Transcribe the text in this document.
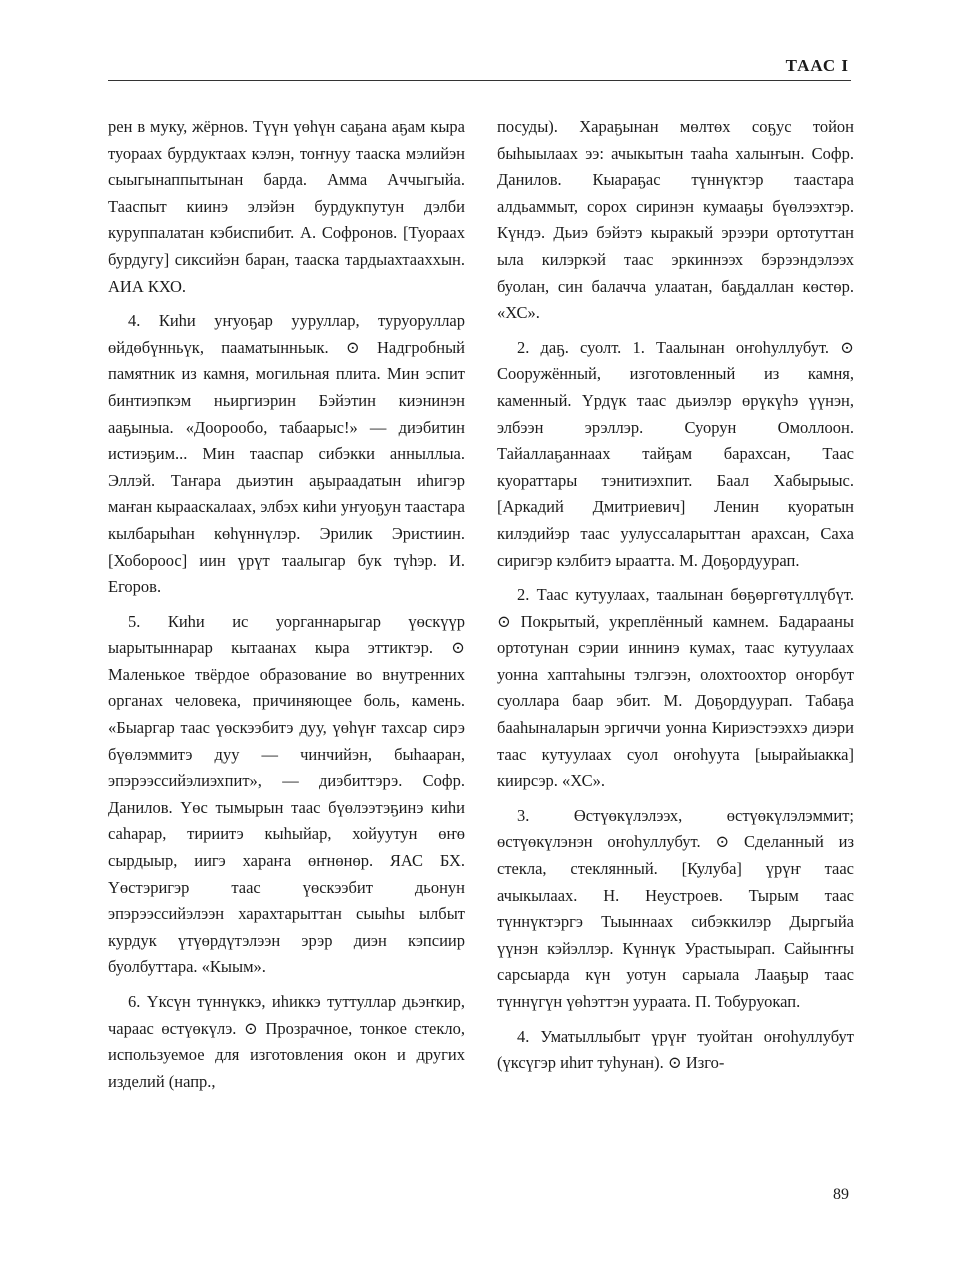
ТААС I

рен в муку, жёрнов. Түүн үөһүн саҕана аҕам кыра туораах бурдуктаах кэлэн, тоҥнуу тааска мэлийэн сыыгынаппытынан барда. Амма Аччыгыйа. Тааспыт киинэ элэйэн бурдукпутун дэлби куруппалатан кэбиспибит. А. Софронов. [Туораах бурдугу] сиксийэн баран, тааска тардыахтааххын. АИА КХО.

4. Киһи уҥуоҕар ууруллар, туруоруллар өйдөбүнньүк, пааматынньык. ⊙ Надгробный памятник из камня, могильная плита. Мин эспит бинтиэпкэм ньиргиэрин Бэйэтин киэнинэн ааҕыныа. «Доорообо, табаарыс!» — диэбитин истиэҕим... Мин тааспар сибэкки анныллыа. Эллэй. Таҥара дьиэтин аҕыраадатын иһигэр маҥан кырааскалаах, элбэх киһи уҥуоҕун таастара кылбарыһан көһүннүлэр. Эрилик Эристиин. [Хобороос] иин үрүт таалыгар бук түһэр. И. Егоров.

5. Киһи ис уорганнарыгар үөскүүр ыарытыннарар кытаанах кыра эттиктэр. ⊙ Маленькое твёрдое образование во внутренних органах человека, причиняющее боль, камень. «Быаргар таас үөскээбитэ дуу, үөһүҥ тахсар сирэ бүөлэммитэ дуу — чинчийэн, быһааран, эпэрээссийэлиэхпит», — диэбиттэрэ. Софр. Данилов. Үөс тымырын таас бүөлээтэҕинэ киһи саһарар, тириитэ кыһыйар, хойуутун өҥө сырдыыр, иигэ хараҥа өҥнөнөр. ЯАС БХ. Үөстэригэр таас үөскээбит дьонун эпэрээссийэлээн харахтарыттан сыыһы ылбыт курдук үтүөрдүтэлээн эрэр диэн кэпсиир буолбуттара. «Кыым».

6. Үксүн түннүккэ, иһиккэ туттуллар дьэҥкир, чараас өстүөкүлэ. ⊙ Прозрачное, тонкое стекло, используемое для изготовления окон и других изделий (напр.,

посуды). Хараҕынан мөлтөх соҕус тойон быһыылаах ээ: ачыкытын тааһа халыҥын. Софр. Данилов. Кыараҕас түннүктэр таастара алдьаммыт, сорох сиринэн кумааҕы бүөлээхтэр. Күндэ. Дьиэ бэйэтэ кыракый эрээри ортотуттан ыла килэркэй таас эркиннээх бэрээндэлээх буолан, син балачча улаатан, баҕдаллан көстөр. «ХС».

2. даҕ. суолт. 1. Таалынан оҥоһуллубут. ⊙ Сооружённый, изготовленный из камня, каменный. Үрдүк таас дьиэлэр өрүкүһэ үүнэн, элбээн эрэллэр. Суорун Омоллоон. Тайаллаҕаннаах тайҕам барахсан, Таас куораттары тэнитиэхпит. Баал Хабырыыс. [Аркадий Дмитриевич] Ленин куоратын килэдийэр таас уулуссаларыттан арахсан, Саха сиригэр кэлбитэ ыраатта. М. Доҕордуурап.

2. Таас кутуулаах, таалынан бөҕөргөтүллүбүт. ⊙ Покрытый, укреплённый камнем. Бадарааны ортотунан сэрии иннинэ кумах, таас кутуулаах уонна хаптаһыны тэлгээн, олохтоохтор оҥорбут суоллара баар эбит. М. Доҕордуурап. Табаҕа бааһыналарын эргиччи уонна Кириэстээххэ диэри таас кутуулаах суол оҥоһуута [ыырайыакка] киирсэр. «ХС».

3. Өстүөкүлэлээх, өстүөкүлэлэммит; өстүөкүлэнэн оҥоһуллубут. ⊙ Сделанный из стекла, стеклянный. [Кулуба] үрүҥ таас ачыкылаах. Н. Неустроев. Тырым таас түннүктэргэ Тыыннаах сибэккилэр Дыргыйа үүнэн кэйэллэр. Күннүк Урастыырап. Сайыҥҥы сарсыарда күн уотун сарыала Лааҕыр таас түннүгүн үөһэттэн уураата. П. Тобуруокап.

4. Уматыллыбыт үрүҥ туойтан оҥоһуллубут (үксүгэр иһит туһунан). ⊙ Изго-

89
